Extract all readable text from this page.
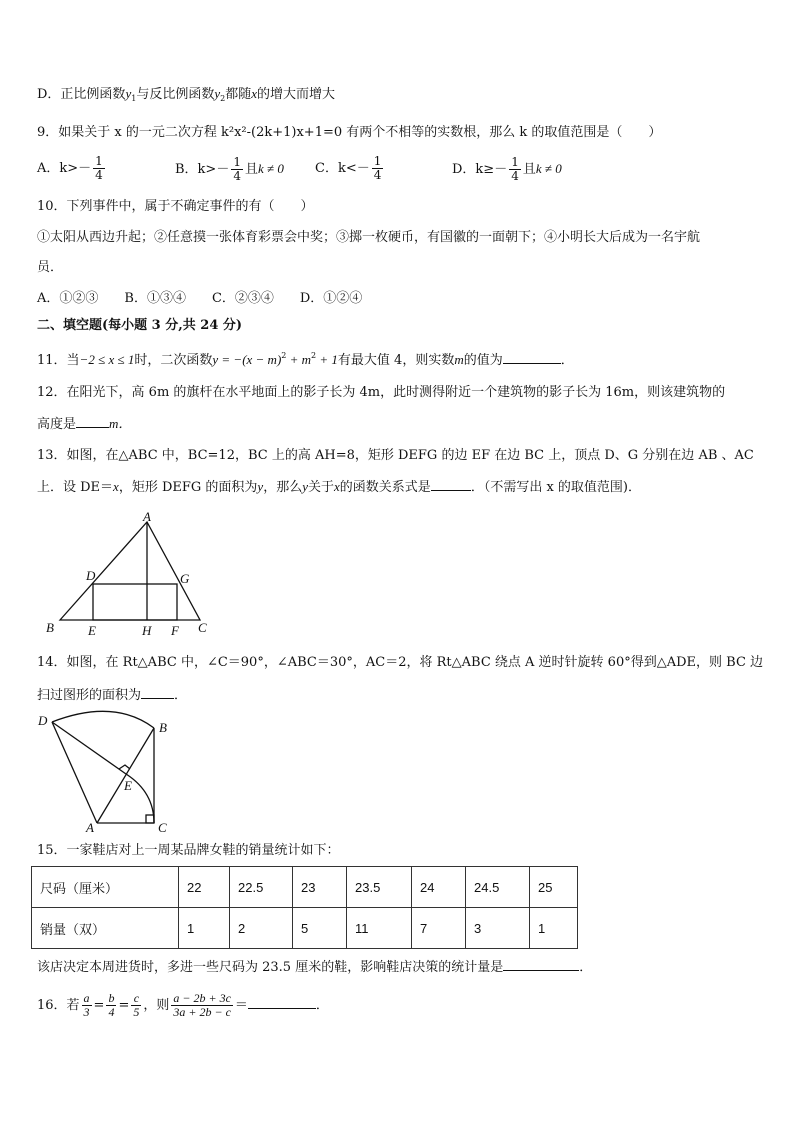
D．正比例函数$y_1$与反比例函数$y_2$都随x的增大而增大
9．如果关于 x 的一元二次方程 k²x²-(2k+1)x+1=0 有两个不相等的实数根，那么 k 的取值范围是（　　）
A．$k>- \frac{1}{4}$	B．$k>- \frac{1}{4}$ 且k ≠ 0 C．$k<- \frac{1}{4}$	D．$k\ge- \frac{1}{4}$ 且k ≠ 0
10．下列事件中，属于不确定事件的有（　　）
①太阳从西边升起；②任意摸一张体育彩票会中奖；③掷一枚硬币，有国徽的一面朝下；④小明长大后成为一名宇航
员．
A．①②③　　B．①③④　　C．②③④　　D．①②④
二、填空题(每小题 3 分,共 24 分)
11．当−2 ≤ x ≤ 1时，二次函数$y = -(x - m)^2 + m^2 + 1$有最大值 4，则实数m的值为	．
12．在阳光下，高 6m 的旗杆在水平地面上的影子长为 4m，此时测得附近一个建筑物的影子长为 16m，则该建筑物的
高度是	m．
13．如图，在△ABC 中，BC=12，BC 上的高 AH=8，矩形 DEFG 的边 EF 在边 BC 上，顶点 D、G 分别在边 AB 、AC
上．设 DE＝x，矩形 DEFG 的面积为y，那么y关于x的函数关系式是	．（不需写出 x 的取值范围)．
A
B	C
D
E	F
G
H
14．如图，在 Rt△ABC 中，∠C＝90°，∠ABC＝30°，AC＝2，将 Rt△ABC 绕点 A 逆时针旋转 60°得到△ADE，则 BC 边
扫过图形的面积为	．
A
B
C
D
E
15．一家鞋店对上一周某品牌女鞋的销量统计如下：
尺码（厘米）	22	22.5	23	23.5	24	24.5	25
销量（双）	1	2	5	11	7	3	1
该店决定本周进货时，多进一些尺码为 23.5 厘米的鞋，影响鞋店决策的统计量是	．
16．若 $\frac{a}{3} = \frac{b}{4} = \frac{c}{5}$ ，则 $\frac{a - 2b + 3c}{3a + 2b - c}$ ＝	．
